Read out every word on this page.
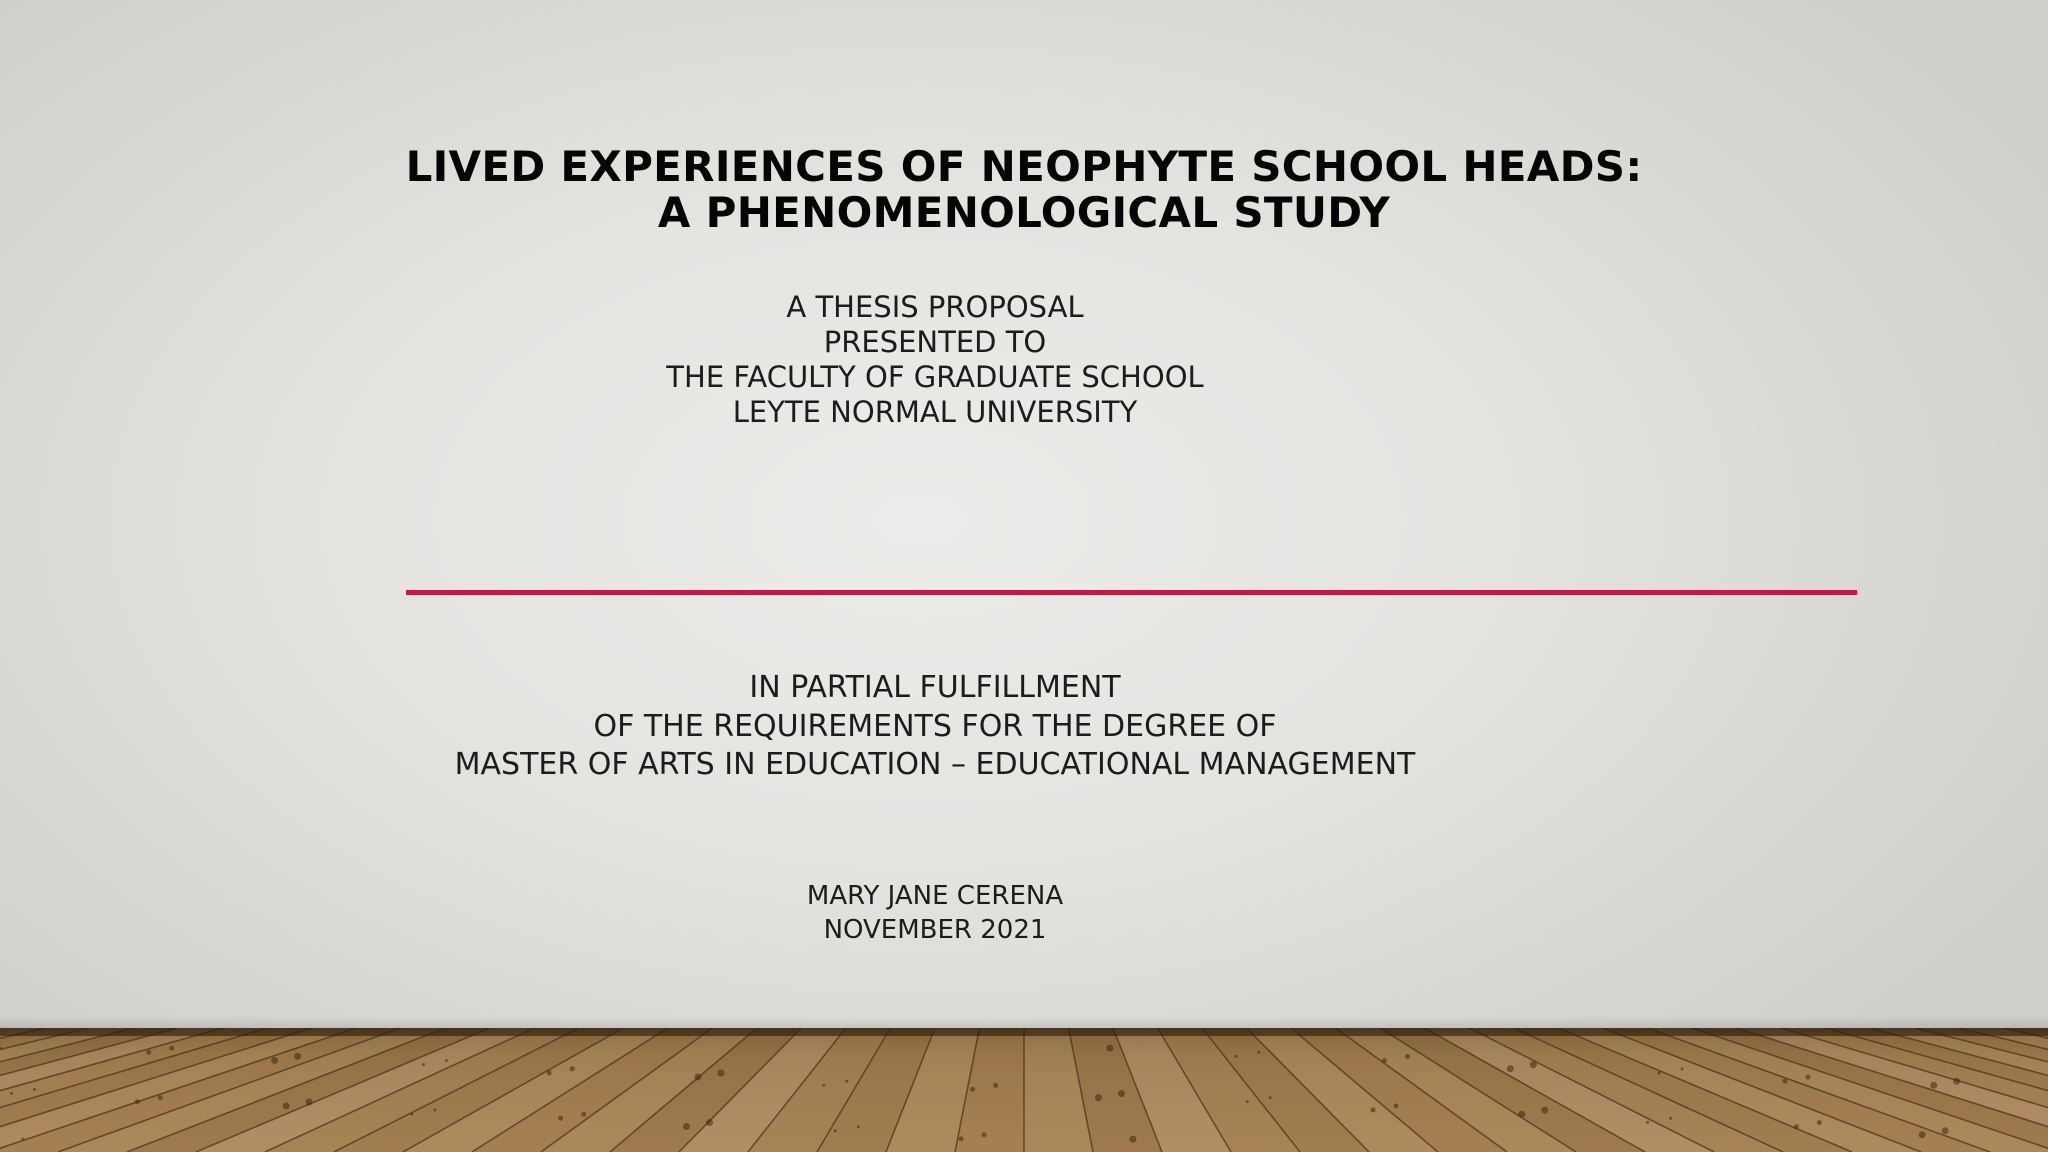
LIVED EXPERIENCES OF NEOPHYTE SCHOOL HEADS:
A PHENOMENOLOGICAL STUDY
A THESIS PROPOSAL
PRESENTED TO
THE FACULTY OF GRADUATE SCHOOL
LEYTE NORMAL UNIVERSITY
IN PARTIAL FULFILLMENT
OF THE REQUIREMENTS FOR THE DEGREE OF
MASTER OF ARTS IN EDUCATION – EDUCATIONAL MANAGEMENT
MARY JANE CERENA
NOVEMBER 2021
